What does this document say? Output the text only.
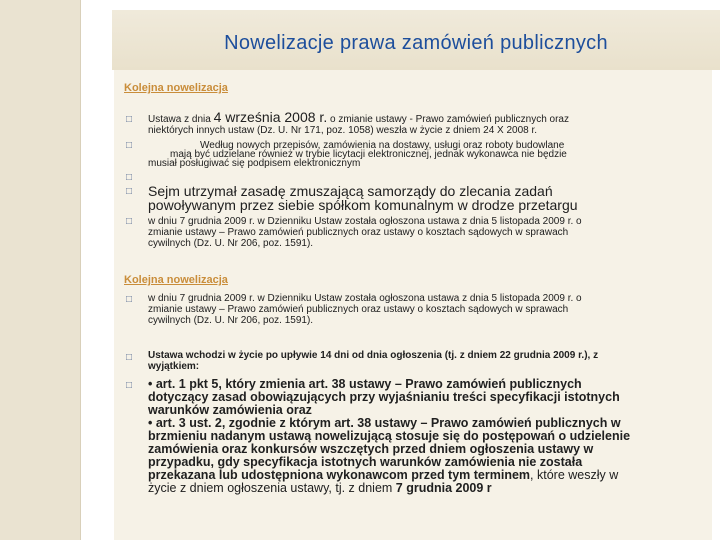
Nowelizacje prawa zamówień publicznych
Kolejna nowelizacja
□ Ustawa z dnia 4 września 2008 r. o zmianie ustawy - Prawo zamówień publicznych oraz
niektórych innych ustaw (Dz. U. Nr 171, poz. 1058) weszła w życie z dniem 24 X 2008 r.
□	Według nowych przepisów, zamówienia na dostawy, usługi oraz roboty budowlane
mają być udzielane również w trybie licytacji elektronicznej, jednak wykonawca nie będzie
musiał posługiwać się podpisem elektronicznym
□
□ Sejm utrzymał zasadę zmuszającą samorządy do zlecania zadań
powoływanym przez siebie spółkom komunalnym w drodze przetargu
□ w dniu 7 grudnia 2009 r. w Dzienniku Ustaw została ogłoszona ustawa z dnia 5 listopada 2009 r. o
zmianie ustawy – Prawo zamówień publicznych oraz ustawy o kosztach sądowych w sprawach
cywilnych (Dz. U. Nr 206, poz. 1591).
Kolejna nowelizacja
□ w dniu 7 grudnia 2009 r. w Dzienniku Ustaw została ogłoszona ustawa z dnia 5 listopada 2009 r. o
zmianie ustawy – Prawo zamówień publicznych oraz ustawy o kosztach sądowych w sprawach
cywilnych (Dz. U. Nr 206, poz. 1591).
□ Ustawa wchodzi w życie po upływie 14 dni od dnia ogłoszenia (tj. z dniem 22 grudnia 2009 r.), z
wyjątkiem:
□ • art. 1 pkt 5, który zmienia art. 38 ustawy – Prawo zamówień publicznych
dotyczący zasad obowiązujących przy wyjaśnianiu treści specyfikacji istotnych
warunków zamówienia oraz
• art. 3 ust. 2, zgodnie z którym art. 38 ustawy – Prawo zamówień publicznych w
brzmieniu nadanym ustawą nowelizującą stosuje się do postępowań o udzielenie
zamówienia oraz konkursów wszczętych przed dniem ogłoszenia ustawy w
przypadku, gdy specyfikacja istotnych warunków zamówienia nie została
przekazana lub udostępniona wykonawcom przed tym terminem, które weszły w
życie z dniem ogłoszenia ustawy, tj. z dniem 7 grudnia 2009 r
